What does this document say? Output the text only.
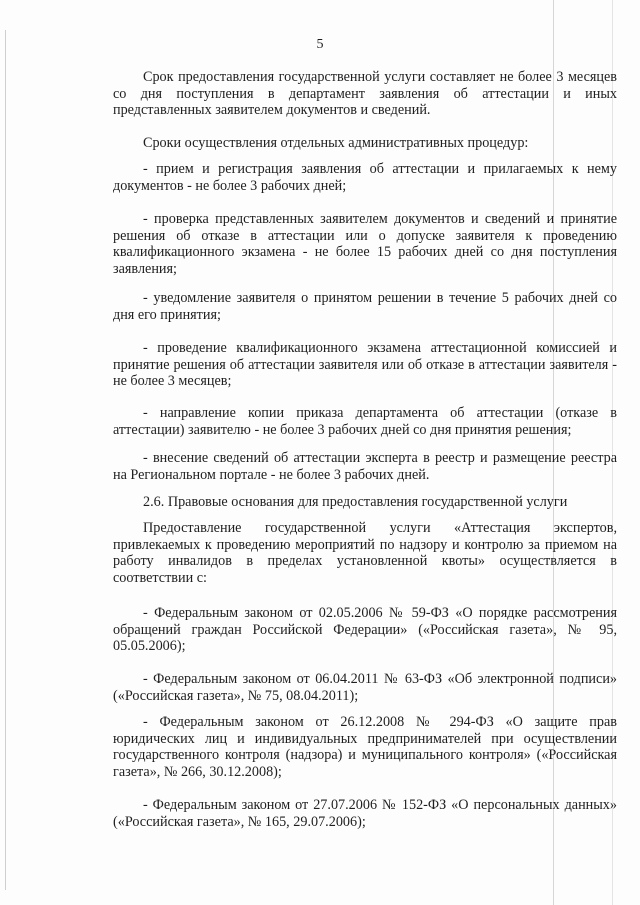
5

Срок предоставления государственной услуги составляет не более 3 месяцев со дня поступления в департамент заявления об аттестации и иных представленных заявителем документов и сведений.

Сроки осуществления отдельных административных процедур:

- прием и регистрация заявления об аттестации и прилагаемых к нему документов - не более 3 рабочих дней;

- проверка представленных заявителем документов и сведений и принятие решения об отказе в аттестации или о допуске заявителя к проведению квалификационного экзамена - не более 15 рабочих дней со дня поступления заявления;

- уведомление заявителя о принятом решении в течение 5 рабочих дней со дня его принятия;

- проведение квалификационного экзамена аттестационной комиссией и принятие решения об аттестации заявителя или об отказе в аттестации заявителя - не более 3 месяцев;

- направление копии приказа департамента об аттестации (отказе в аттестации) заявителю - не более 3 рабочих дней со дня принятия решения;

- внесение сведений об аттестации эксперта в реестр и размещение реестра на Региональном портале - не более 3 рабочих дней.

2.6. Правовые основания для предоставления государственной услуги

Предоставление государственной услуги «Аттестация экспертов, привлекаемых к проведению мероприятий по надзору и контролю за приемом на работу инвалидов в пределах установленной квоты» осуществляется в соответствии с:

- Федеральным законом от 02.05.2006 № 59-ФЗ «О порядке рассмотрения обращений граждан Российской Федерации» («Российская газета», № 95, 05.05.2006);

- Федеральным законом от 06.04.2011 № 63-ФЗ «Об электронной подписи» («Российская газета», № 75, 08.04.2011);

- Федеральным законом от 26.12.2008 № 294-ФЗ «О защите прав юридических лиц и индивидуальных предпринимателей при осуществлении государственного контроля (надзора) и муниципального контроля» («Российская газета», № 266, 30.12.2008);

- Федеральным законом от 27.07.2006 № 152-ФЗ «О персональных данных» («Российская газета», № 165, 29.07.2006);
